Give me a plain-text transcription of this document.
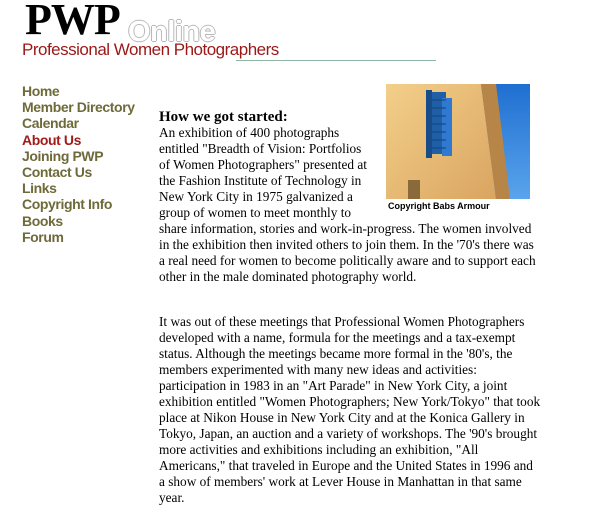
PWP Online
Professional Women Photographers
Home
Member Directory
Calendar
About Us
Joining PWP
Contact Us
Links
Copyright Info
Books
Forum
Copyright Babs Armour
How we got started:

An exhibition of 400 photographs
entitled "Breadth of Vision: Portfolios
of Women Photographers" presented at
the Fashion Institute of Technology in
New York City in 1975 galvanized a
group of women to meet monthly to
share information, stories and work-in-progress. The women involved
in the exhibition then invited others to join them. In the '70's there was
a real need for women to become politically aware and to support each
other in the male dominated photography world.

It was out of these meetings that Professional Women Photographers
developed with a name, formula for the meetings and a tax-exempt
status. Although the meetings became more formal in the '80's, the
members experimented with many new ideas and activities:
participation in 1983 in an "Art Parade" in New York City, a joint
exhibition entitled "Women Photographers; New York/Tokyo" that took
place at Nikon House in New York City and at the Konica Gallery in
Tokyo, Japan, an auction and a variety of workshops. The '90's brought
more activities and exhibitions including an exhibition, "All
Americans," that traveled in Europe and the United States in 1996 and
a show of members' work at Lever House in Manhattan in that same
year.
